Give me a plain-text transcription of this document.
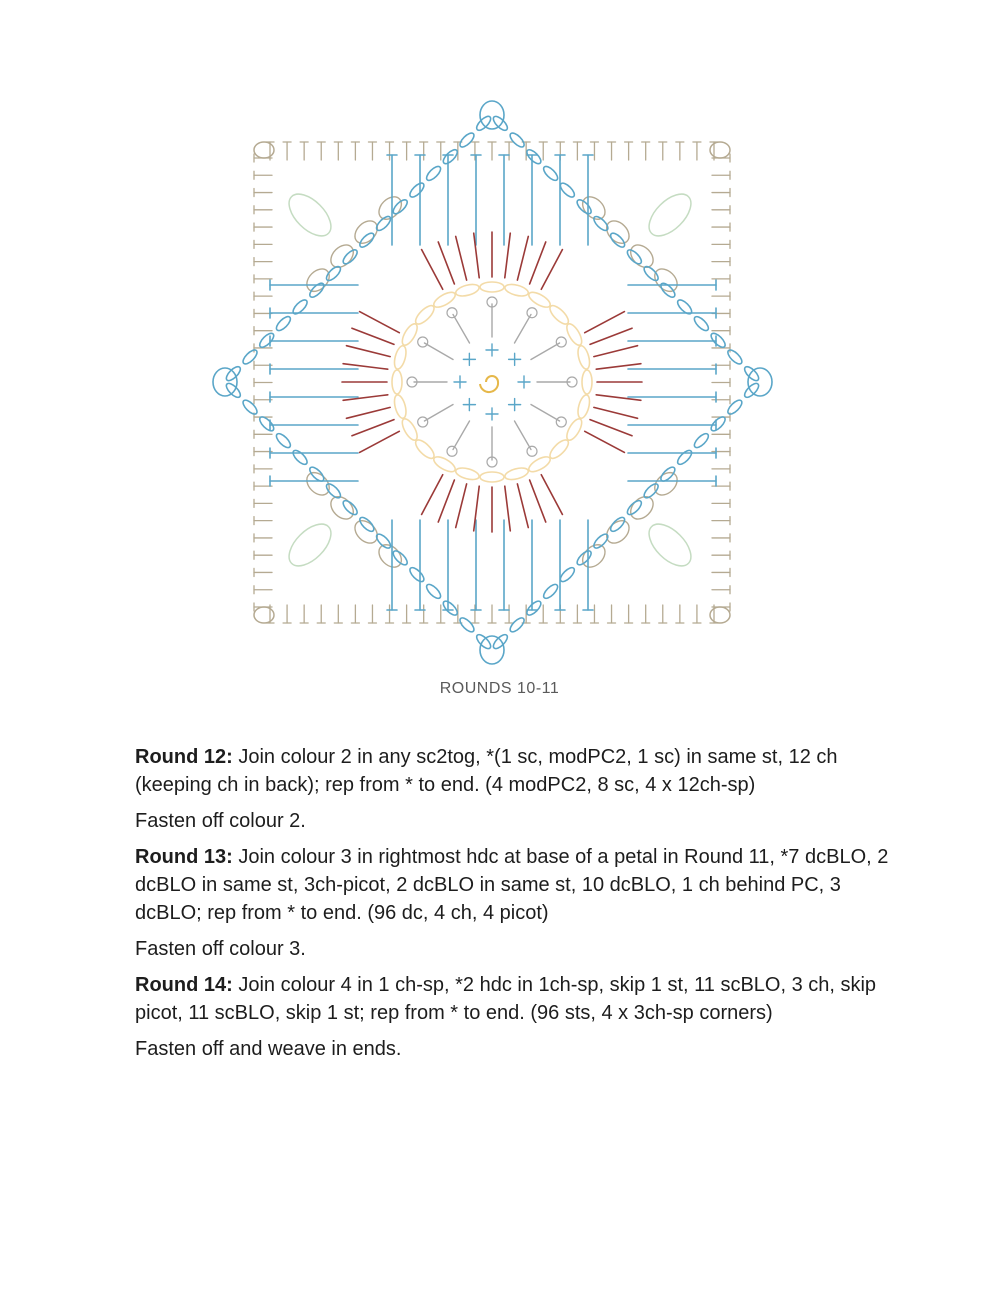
ROUNDS 10-11

Round 12: Join colour 2 in any sc2tog, *(1 sc, modPC2, 1 sc) in same st, 12 ch (keeping ch in back); rep from * to end. (4 modPC2, 8 sc, 4 x 12ch-sp)

Fasten off colour 2.

Round 13: Join colour 3 in rightmost hdc at base of a petal in Round 11, *7 dcBLO, 2 dcBLO in same st, 3ch-picot, 2 dcBLO in same st, 10 dcBLO, 1 ch behind PC, 3 dcBLO; rep from * to end. (96 dc, 4 ch, 4 picot)

Fasten off colour 3.

Round 14: Join colour 4 in 1 ch-sp, *2 hdc in 1ch-sp, skip 1 st, 11 scBLO, 3 ch, skip picot, 11 scBLO, skip 1 st; rep from * to end. (96 sts, 4 x 3ch-sp corners)

Fasten off and weave in ends.
